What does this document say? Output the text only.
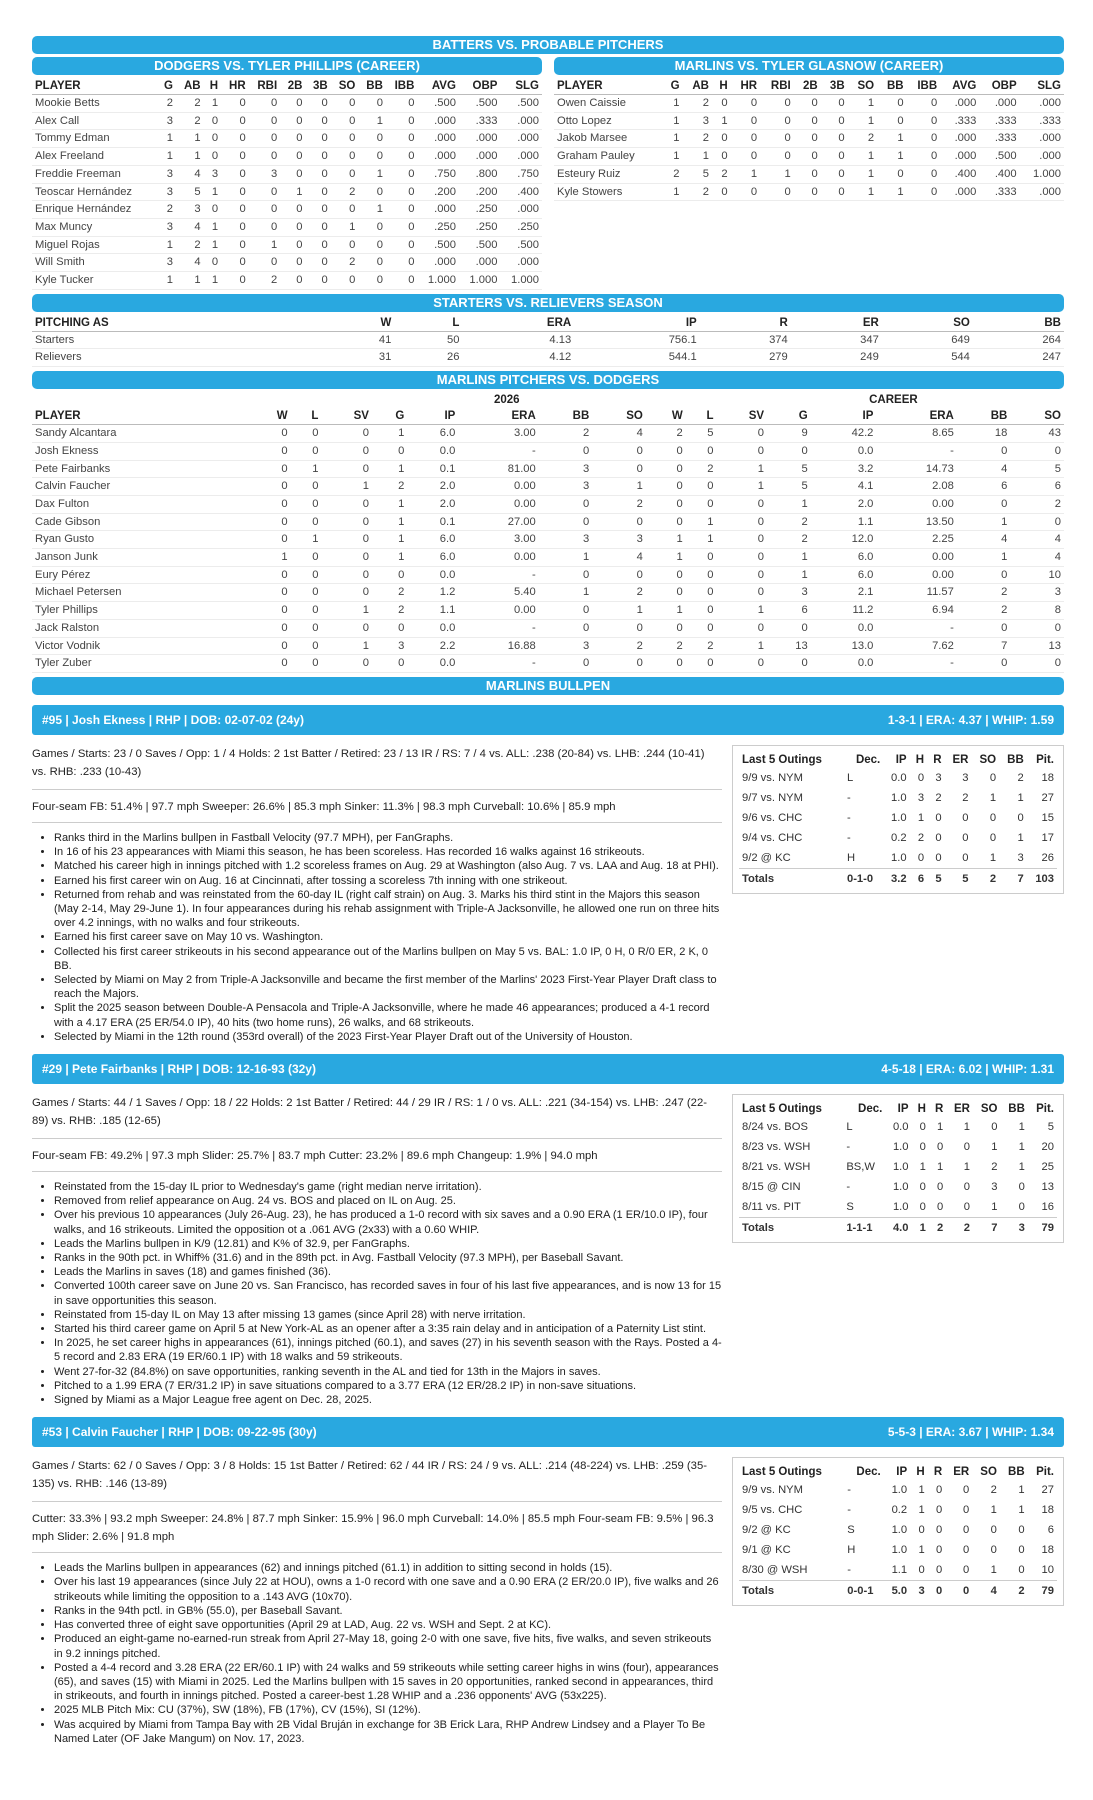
BATTERS VS. PROBABLE PITCHERS
DODGERS VS. TYLER PHILLIPS (CAREER)
PLAYER	G	AB	H	HR	RBI	2B	3B	SO	BB	IBB	AVG	OBP	SLG
Mookie Betts	2	2	1	0	0	0	0	0	0	0	.500	.500	.500
Alex Call	3	2	0	0	0	0	0	0	1	0	.000	.333	.000
Tommy Edman	1	1	0	0	0	0	0	0	0	0	.000	.000	.000
Alex Freeland	1	1	0	0	0	0	0	0	0	0	.000	.000	.000
Freddie Freeman	3	4	3	0	3	0	0	0	1	0	.750	.800	.750
Teoscar Hernández	3	5	1	0	0	1	0	2	0	0	.200	.200	.400
Enrique Hernández	2	3	0	0	0	0	0	0	1	0	.000	.250	.000
Max Muncy	3	4	1	0	0	0	0	1	0	0	.250	.250	.250
Miguel Rojas	1	2	1	0	1	0	0	0	0	0	.500	.500	.500
Will Smith	3	4	0	0	0	0	0	2	0	0	.000	.000	.000
Kyle Tucker	1	1	1	0	2	0	0	0	0	0	1.000	1.000	1.000
MARLINS VS. TYLER GLASNOW (CAREER)
PLAYER	G	AB	H	HR	RBI	2B	3B	SO	BB	IBB	AVG	OBP	SLG
Owen Caissie	1	2	0	0	0	0	0	1	0	0	.000	.000	.000
Otto Lopez	1	3	1	0	0	0	0	1	0	0	.333	.333	.333
Jakob Marsee	1	2	0	0	0	0	0	2	1	0	.000	.333	.000
Graham Pauley	1	1	0	0	0	0	0	1	1	0	.000	.500	.000
Esteury Ruiz	2	5	2	1	1	0	0	1	0	0	.400	.400	1.000
Kyle Stowers	1	2	0	0	0	0	0	1	1	0	.000	.333	.000
STARTERS VS. RELIEVERS SEASON
PITCHING AS	W	L	ERA	IP	R	ER	SO	BB
Starters	41	50	4.13	756.1	374	347	649	264
Relievers	31	26	4.12	544.1	279	249	544	247
MARLINS PITCHERS VS. DODGERS
	2026								CAREER							
PLAYER	W	L	SV	G	IP	ERA	BB	SO	W	L	SV	G	IP	ERA	BB	SO
Sandy Alcantara	0	0	0	1	6.0	3.00	2	4	2	5	0	9	42.2	8.65	18	43
Josh Ekness	0	0	0	0	0.0	-	0	0	0	0	0	0	0.0	-	0	0
Pete Fairbanks	0	1	0	1	0.1	81.00	3	0	0	2	1	5	3.2	14.73	4	5
Calvin Faucher	0	0	1	2	2.0	0.00	3	1	0	0	1	5	4.1	2.08	6	6
Dax Fulton	0	0	0	1	2.0	0.00	0	2	0	0	0	1	2.0	0.00	0	2
Cade Gibson	0	0	0	1	0.1	27.00	0	0	0	1	0	2	1.1	13.50	1	0
Ryan Gusto	0	1	0	1	6.0	3.00	3	3	1	1	0	2	12.0	2.25	4	4
Janson Junk	1	0	0	1	6.0	0.00	1	4	1	0	0	1	6.0	0.00	1	4
Eury Pérez	0	0	0	0	0.0	-	0	0	0	0	0	1	6.0	0.00	0	10
Michael Petersen	0	0	0	2	1.2	5.40	1	2	0	0	0	3	2.1	11.57	2	3
Tyler Phillips	0	0	1	2	1.1	0.00	0	1	1	0	1	6	11.2	6.94	2	8
Jack Ralston	0	0	0	0	0.0	-	0	0	0	0	0	0	0.0	-	0	0
Victor Vodnik	0	0	1	3	2.2	16.88	3	2	2	2	1	13	13.0	7.62	7	13
Tyler Zuber	0	0	0	0	0.0	-	0	0	0	0	0	0	0.0	-	0	0
MARLINS BULLPEN
#95 | Josh Ekness | RHP | DOB: 02-07-02 (24y)	1-3-1 | ERA: 4.37 | WHIP: 1.59
Games / Starts: 23 / 0 Saves / Opp: 1 / 4 Holds: 2 1st Batter / Retired: 23 / 13 IR / RS: 7 / 4 vs. ALL: .238 (20-84) vs. LHB: .244 (10-41) vs. RHB: .233 (10-43)
Four-seam FB: 51.4% | 97.7 mph Sweeper: 26.6% | 85.3 mph Sinker: 11.3% | 98.3 mph Curveball: 10.6% | 85.9 mph
• Ranks third in the Marlins bullpen in Fastball Velocity (97.7 MPH), per FanGraphs.
• In 16 of his 23 appearances with Miami this season, he has been scoreless. Has recorded 16 walks against 16 strikeouts.
• Matched his career high in innings pitched with 1.2 scoreless frames on Aug. 29 at Washington (also Aug. 7 vs. LAA and Aug. 18 at PHI).
• Earned his first career win on Aug. 16 at Cincinnati, after tossing a scoreless 7th inning with one strikeout.
• Returned from rehab and was reinstated from the 60-day IL (right calf strain) on Aug. 3. Marks his third stint in the Majors this season (May 2-14, May 29-June 1). In four appearances during his rehab assignment with Triple-A Jacksonville, he allowed one run on three hits over 4.2 innings, with no walks and four strikeouts.
• Earned his first career save on May 10 vs. Washington.
• Collected his first career strikeouts in his second appearance out of the Marlins bullpen on May 5 vs. BAL: 1.0 IP, 0 H, 0 R/0 ER, 2 K, 0 BB.
• Selected by Miami on May 2 from Triple-A Jacksonville and became the first member of the Marlins' 2023 First-Year Player Draft class to reach the Majors.
• Split the 2025 season between Double-A Pensacola and Triple-A Jacksonville, where he made 46 appearances; produced a 4-1 record with a 4.17 ERA (25 ER/54.0 IP), 40 hits (two home runs), 26 walks, and 68 strikeouts.
• Selected by Miami in the 12th round (353rd overall) of the 2023 First-Year Player Draft out of the University of Houston.
Last 5 Outings	Dec.	IP	H	R	ER	SO	BB	Pit.
9/9 vs. NYM	L	0.0	0	3	3	0	2	18
9/7 vs. NYM	-	1.0	3	2	2	1	1	27
9/6 vs. CHC	-	1.0	1	0	0	0	0	15
9/4 vs. CHC	-	0.2	2	0	0	0	1	17
9/2 @ KC	H	1.0	0	0	0	1	3	26
Totals	0-1-0	3.2	6	5	5	2	7	103
#29 | Pete Fairbanks | RHP | DOB: 12-16-93 (32y)	4-5-18 | ERA: 6.02 | WHIP: 1.31
Games / Starts: 44 / 1 Saves / Opp: 18 / 22 Holds: 2 1st Batter / Retired: 44 / 29 IR / RS: 1 / 0 vs. ALL: .221 (34-154) vs. LHB: .247 (22-89) vs. RHB: .185 (12-65)
Four-seam FB: 49.2% | 97.3 mph Slider: 25.7% | 83.7 mph Cutter: 23.2% | 89.6 mph Changeup: 1.9% | 94.0 mph
• Reinstated from the 15-day IL prior to Wednesday's game (right median nerve irritation).
• Removed from relief appearance on Aug. 24 vs. BOS and placed on IL on Aug. 25.
• Over his previous 10 appearances (July 26-Aug. 23), he has produced a 1-0 record with six saves and a 0.90 ERA (1 ER/10.0 IP), four walks, and 16 strikeouts. Limited the opposition ot a .061 AVG (2x33) with a 0.60 WHIP.
• Leads the Marlins bullpen in K/9 (12.81) and K% of 32.9, per FanGraphs.
• Ranks in the 90th pct. in Whiff% (31.6) and in the 89th pct. in Avg. Fastball Velocity (97.3 MPH), per Baseball Savant.
• Leads the Marlins in saves (18) and games finished (36).
• Converted 100th career save on June 20 vs. San Francisco, has recorded saves in four of his last five appearances, and is now 13 for 15 in save opportunities this season.
• Reinstated from 15-day IL on May 13 after missing 13 games (since April 28) with nerve irritation.
• Started his third career game on April 5 at New York-AL as an opener after a 3:35 rain delay and in anticipation of a Paternity List stint.
• In 2025, he set career highs in appearances (61), innings pitched (60.1), and saves (27) in his seventh season with the Rays. Posted a 4-5 record and 2.83 ERA (19 ER/60.1 IP) with 18 walks and 59 strikeouts.
• Went 27-for-32 (84.8%) on save opportunities, ranking seventh in the AL and tied for 13th in the Majors in saves.
• Pitched to a 1.99 ERA (7 ER/31.2 IP) in save situations compared to a 3.77 ERA (12 ER/28.2 IP) in non-save situations.
• Signed by Miami as a Major League free agent on Dec. 28, 2025.
Last 5 Outings	Dec.	IP	H	R	ER	SO	BB	Pit.
8/24 vs. BOS	L	0.0	0	1	1	0	1	5
8/23 vs. WSH	-	1.0	0	0	0	1	1	20
8/21 vs. WSH	BS,W	1.0	1	1	1	2	1	25
8/15 @ CIN	-	1.0	0	0	0	3	0	13
8/11 vs. PIT	S	1.0	0	0	0	1	0	16
Totals	1-1-1	4.0	1	2	2	7	3	79
#53 | Calvin Faucher | RHP | DOB: 09-22-95 (30y)	5-5-3 | ERA: 3.67 | WHIP: 1.34
Games / Starts: 62 / 0 Saves / Opp: 3 / 8 Holds: 15 1st Batter / Retired: 62 / 44 IR / RS: 24 / 9 vs. ALL: .214 (48-224) vs. LHB: .259 (35-135) vs. RHB: .146 (13-89)
Cutter: 33.3% | 93.2 mph Sweeper: 24.8% | 87.7 mph Sinker: 15.9% | 96.0 mph Curveball: 14.0% | 85.5 mph Four-seam FB: 9.5% | 96.3 mph Slider: 2.6% | 91.8 mph
• Leads the Marlins bullpen in appearances (62) and innings pitched (61.1) in addition to sitting second in holds (15).
• Over his last 19 appearances (since July 22 at HOU), owns a 1-0 record with one save and a 0.90 ERA (2 ER/20.0 IP), five walks and 26 strikeouts while limiting the opposition to a .143 AVG (10x70).
• Ranks in the 94th pctl. in GB% (55.0), per Baseball Savant.
• Has converted three of eight save opportunities (April 29 at LAD, Aug. 22 vs. WSH and Sept. 2 at KC).
• Produced an eight-game no-earned-run streak from April 27-May 18, going 2-0 with one save, five hits, five walks, and seven strikeouts in 9.2 innings pitched.
• Posted a 4-4 record and 3.28 ERA (22 ER/60.1 IP) with 24 walks and 59 strikeouts while setting career highs in wins (four), appearances (65), and saves (15) with Miami in 2025. Led the Marlins bullpen with 15 saves in 20 opportunities, ranked second in appearances, third in strikeouts, and fourth in innings pitched. Posted a career-best 1.28 WHIP and a .236 opponents' AVG (53x225).
• 2025 MLB Pitch Mix: CU (37%), SW (18%), FB (17%), CV (15%), SI (12%).
• Was acquired by Miami from Tampa Bay with 2B Vidal Bruján in exchange for 3B Erick Lara, RHP Andrew Lindsey and a Player To Be Named Later (OF Jake Mangum) on Nov. 17, 2023.
Last 5 Outings	Dec.	IP	H	R	ER	SO	BB	Pit.
9/9 vs. NYM	-	1.0	1	0	0	2	1	27
9/5 vs. CHC	-	0.2	1	0	0	1	1	18
9/2 @ KC	S	1.0	0	0	0	0	0	6
9/1 @ KC	H	1.0	1	0	0	0	0	18
8/30 @ WSH	-	1.1	0	0	0	1	0	10
Totals	0-0-1	5.0	3	0	0	4	2	79
